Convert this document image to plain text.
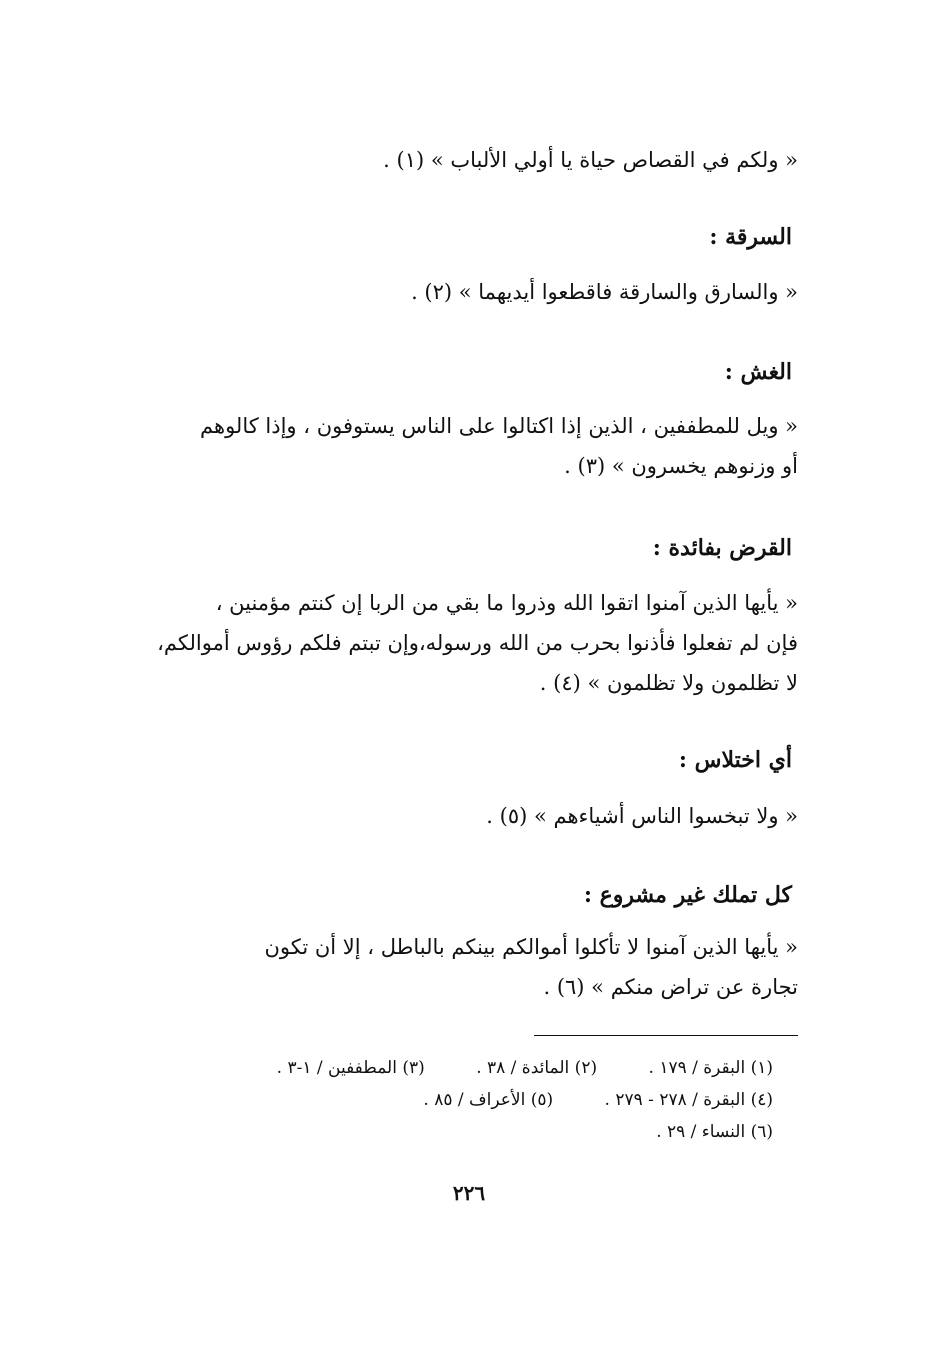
« ولكم في القصاص حياة يا أولي الألباب » (١) .
السرقة :
« والسارق والسارقة فاقطعوا أيديهما » (٢) .
الغش :
« ويل للمطففين ، الذين إذا اكتالوا على الناس يستوفون ، وإذا كالوهم
أو وزنوهم يخسرون » (٣) .
القرض بفائدة :
« يأيها الذين آمنوا اتقوا الله وذروا ما بقي من الربا إن كنتم مؤمنين ،
فإن لم تفعلوا فأذنوا بحرب من الله ورسوله،وإن تبتم فلكم رؤوس أموالكم،
لا تظلمون ولا تظلمون » (٤) .
أي اختلاس :
« ولا تبخسوا الناس أشياءهم » (٥) .
كل تملك غير مشروع :
« يأيها الذين آمنوا لا تأكلوا أموالكم بينكم بالباطل ، إلا أن تكون
تجارة عن تراض منكم » (٦) .
(١) البقرة / ١٧٩ . (٢) المائدة / ٣٨ . (٣) المطففين / ١-٣ .
(٤) البقرة / ٢٧٨ - ٢٧٩ . (٥) الأعراف / ٨٥ .
(٦) النساء / ٢٩ .
٢٢٦
